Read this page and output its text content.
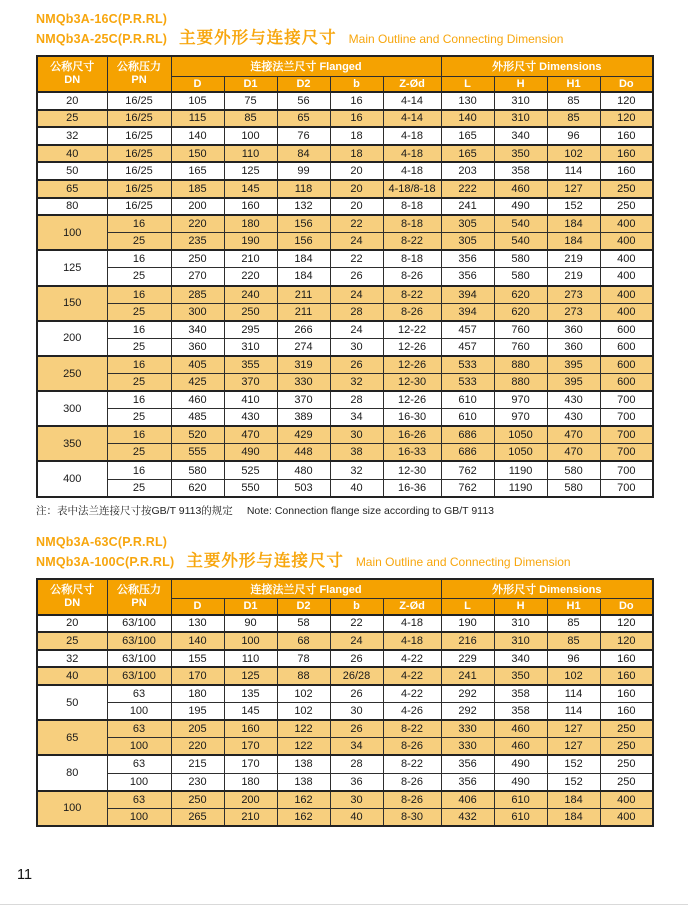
NMQb3A-16C(P.R.RL)
NMQb3A-25C(P.R.RL) 主要外形与连接尺寸 Main Outline and Connecting Dimension
公称尺寸
DN

公称压力
PN
	连接法兰尺寸 Flanged	外形尺寸 Dimensions
		D	D1	D2	b	Z-Ød	L	H	H1	Do
20	16/25	105	75	56	16	4-14	130	310	85	120
25	16/25	115	85	65	16	4-14	140	310	85	120
32	16/25	140	100	76	18	4-18	165	340	96	160
40	16/25	150	110	84	18	4-18	165	350	102	160
50	16/25	165	125	99	20	4-18	203	358	114	160
65	16/25	185	145	118	20	4-18/8-18	222	460	127	250
80	16/25	200	160	132	20	8-18	241	490	152	250
100	16	220	180	156	22	8-18	305	540	184	400
	25	235	190	156	24	8-22	305	540	184	400
125	16	250	210	184	22	8-18	356	580	219	400
	25	270	220	184	26	8-26	356	580	219	400
150	16	285	240	211	24	8-22	394	620	273	400
	25	300	250	211	28	8-26	394	620	273	400
200	16	340	295	266	24	12-22	457	760	360	600
	25	360	310	274	30	12-26	457	760	360	600
250	16	405	355	319	26	12-26	533	880	395	600
	25	425	370	330	32	12-30	533	880	395	600
300	16	460	410	370	28	12-26	610	970	430	700
	25	485	430	389	34	16-30	610	970	430	700
350	16	520	470	429	30	16-26	686	1050	470	700
	25	555	490	448	38	16-33	686	1050	470	700
400	16	580	525	480	32	12-30	762	1190	580	700
	25	620	550	503	40	16-36	762	1190	580	700
注：表中法兰连接尺寸按GB/T 9113的规定 Note: Connection flange size according to GB/T 9113
NMQb3A-63C(P.R.RL)
NMQb3A-100C(P.R.RL) 主要外形与连接尺寸 Main Outline and Connecting Dimension
公称尺寸
DN

公称压力
PN
	连接法兰尺寸 Flanged	外形尺寸 Dimensions
		D	D1	D2	b	Z-Ød	L	H	H1	Do
20	63/100	130	90	58	22	4-18	190	310	85	120
25	63/100	140	100	68	24	4-18	216	310	85	120
32	63/100	155	110	78	26	4-22	229	340	96	160
40	63/100	170	125	88	26/28	4-22	241	350	102	160
50	63	180	135	102	26	4-22	292	358	114	160
	100	195	145	102	30	4-26	292	358	114	160
65	63	205	160	122	26	8-22	330	460	127	250
	100	220	170	122	34	8-26	330	460	127	250
80	63	215	170	138	28	8-22	356	490	152	250
	100	230	180	138	36	8-26	356	490	152	250
100	63	250	200	162	30	8-26	406	610	184	400
	100	265	210	162	40	8-30	432	610	184	400
11
